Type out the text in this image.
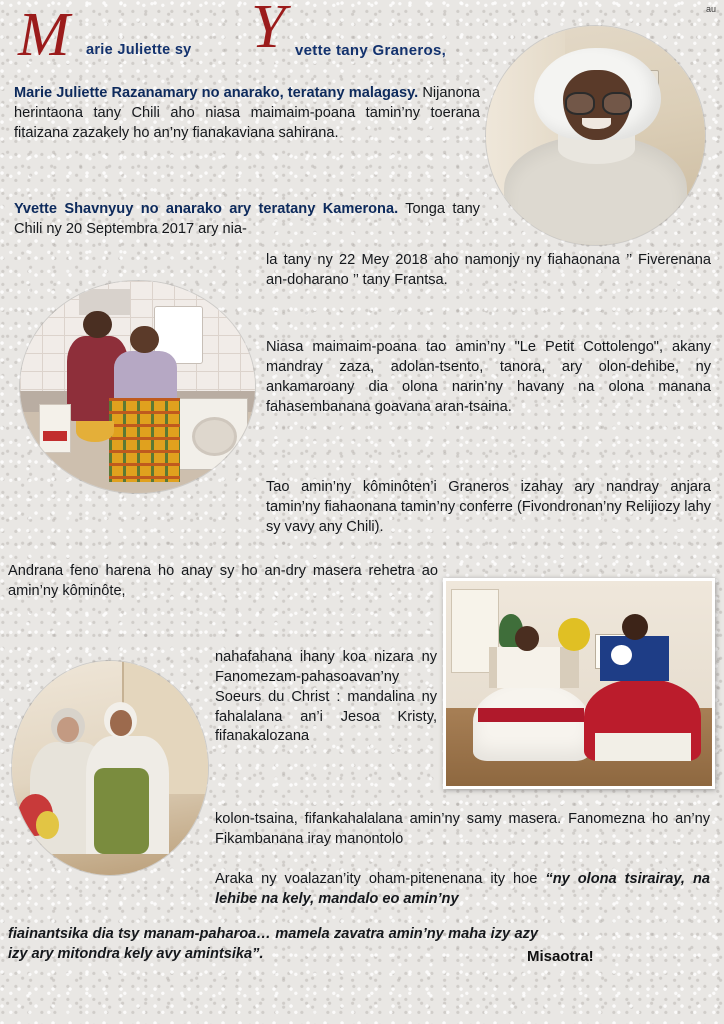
au
M arie Juliette sy Y vette tany Graneros,
Marie Juliette Razanamary no anarako, teratany malagasy. Nijanona herintaona tany Chili aho niasa maimaim-poana tamin’ny toerana fitaizana zazakely ho an’ny fianakaviana sahirana.
Yvette Shavnyuy no anarako ary teratany Kamerona. Tonga tany Chili ny 20 Septembra 2017 ary nia-
la tany ny 22 Mey 2018 aho namonjy ny fiahaonana ’’ Fiverenana an-doharano ’’ tany Frantsa.
Niasa maimaim-poana tao amin’ny "Le Petit Cottolengo", akany mandray zaza, adolan-tsento, tanora, ary olon-dehibe, ny ankamaroany dia olona narin’ny havany na olona manana fahasembanana goavana aran-tsaina.
Tao amin’ny kôminôten’i Graneros izahay ary nandray anjara tamin’ny fiahaonana tamin’ny conferre (Fivondronan’ny Relijiozy lahy sy vavy any Chili).
Andrana feno harena ho anay sy ho an-dry masera rehetra ao amin’ny kôminôte,
nahafahana ihany koa nizara ny Fanomezam-pahasoavan’ny Soeurs du Christ : mandalina ny fahalalana an’i Jesoa Kristy, fifanakalozana
kolon-tsaina, fifankahalalana amin’ny samy masera. Fanomezna ho an’ny Fikambanana iray manontolo
Araka ny voalazan’ity oham-pitenenana ity hoe “ny olona tsirairay, na lehibe na kely, mandalo eo amin’ny
fiainantsika dia tsy manam-paharoa… mamela zavatra amin’ny maha izy azy izy ary mitondra kely avy amintsika”.	Misaotra!
